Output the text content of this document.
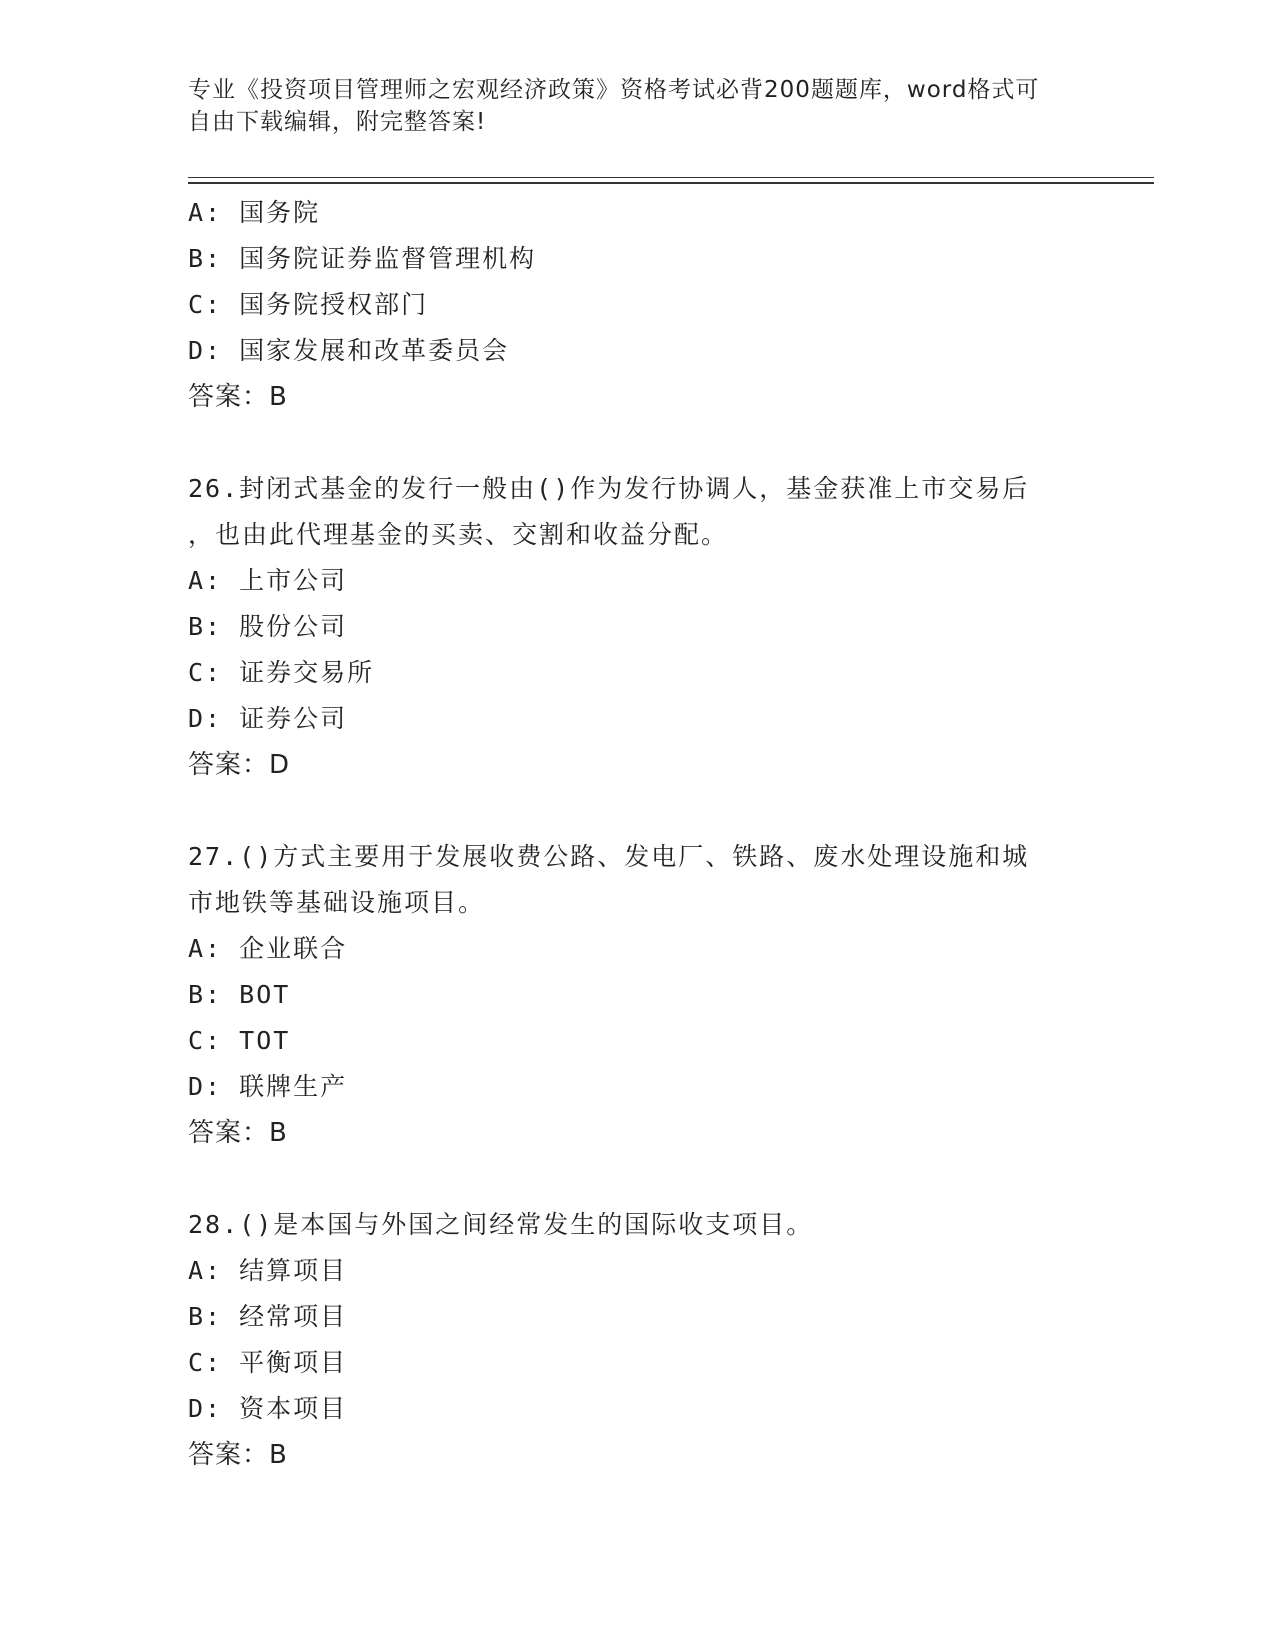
专业《投资项目管理师之宏观经济政策》资格考试必背200题题库，word格式可
自由下载编辑，附完整答案!
A: 国务院
B: 国务院证券监督管理机构
C: 国务院授权部门
D: 国家发展和改革委员会
答案：B
26.封闭式基金的发行一般由()作为发行协调人，基金获准上市交易后
，也由此代理基金的买卖、交割和收益分配。
A: 上市公司
B: 股份公司
C: 证券交易所
D: 证券公司
答案：D
27.()方式主要用于发展收费公路、发电厂、铁路、废水处理设施和城
市地铁等基础设施项目。
A: 企业联合
B: BOT
C: TOT
D: 联牌生产
答案：B
28.()是本国与外国之间经常发生的国际收支项目。
A: 结算项目
B: 经常项目
C: 平衡项目
D: 资本项目
答案：B
